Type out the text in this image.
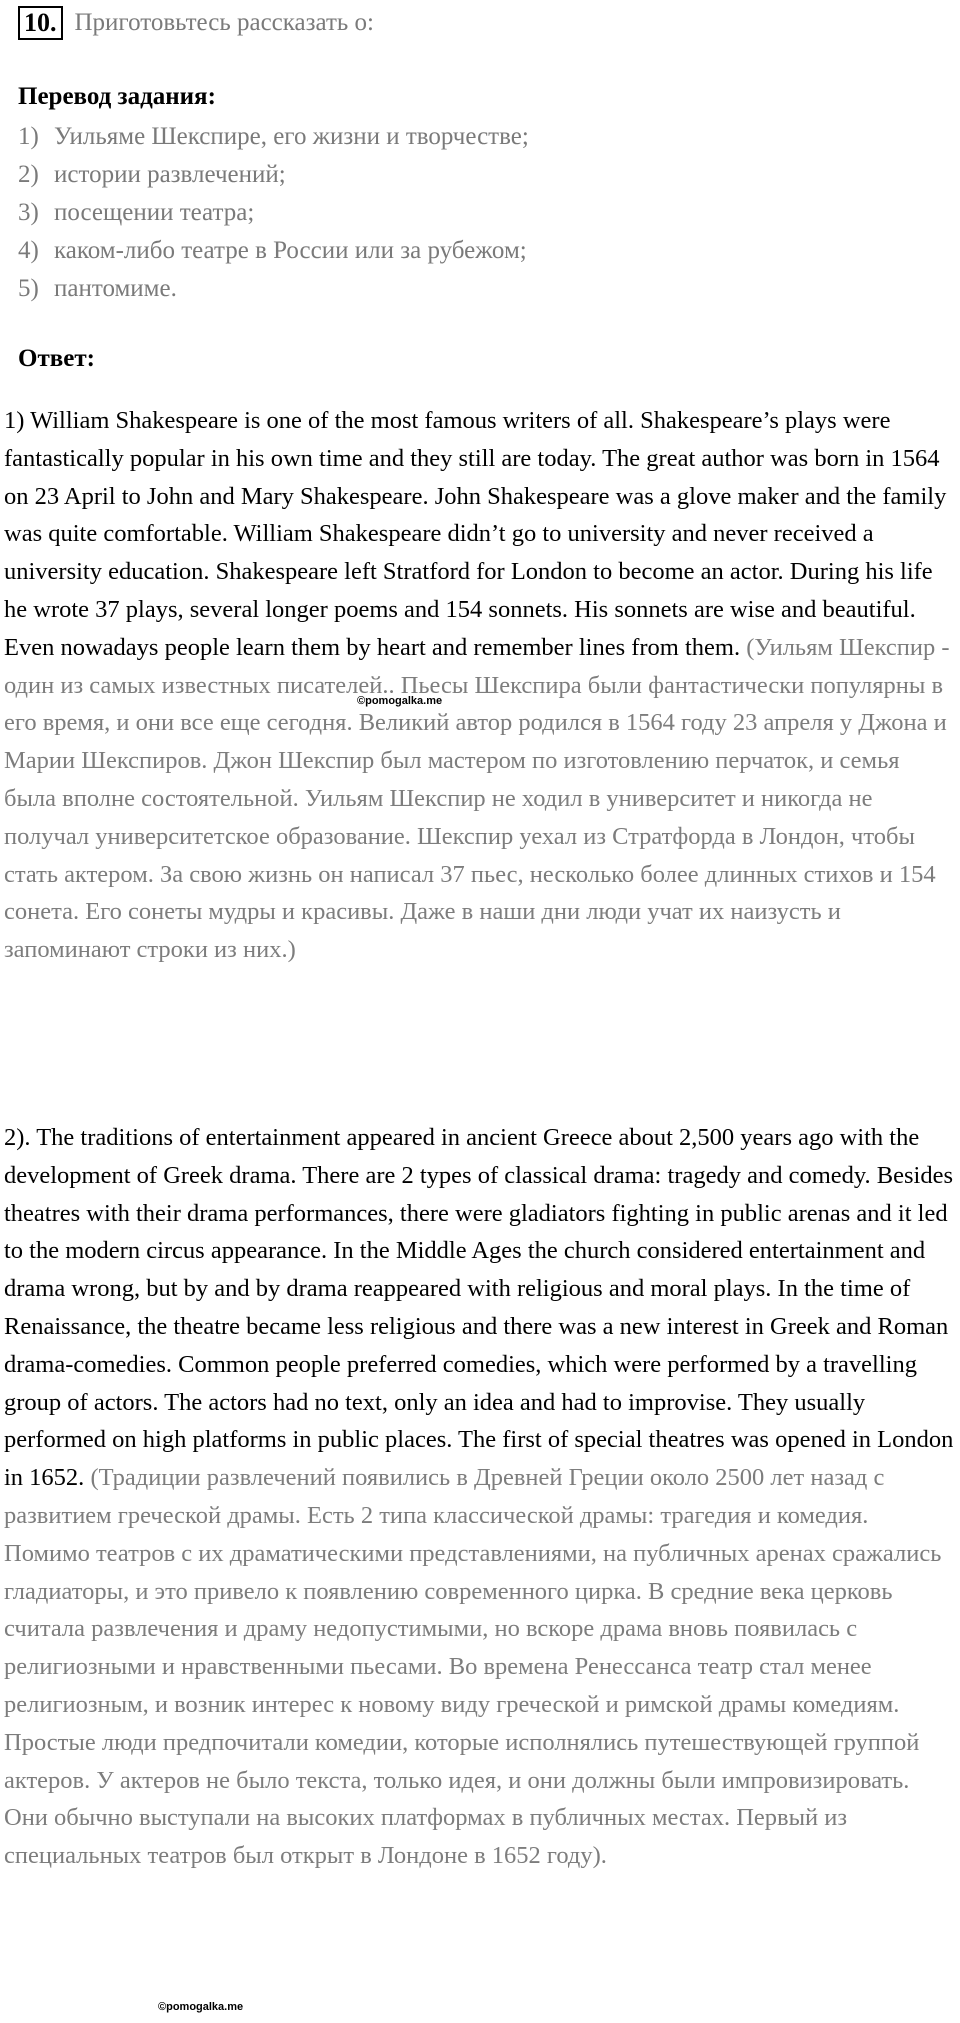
10. Приготовьтесь рассказать о:
Перевод задания:
1) Уильяме Шекспире, его жизни и творчестве;
2) истории развлечений;
3) посещении театра;
4) каком-либо театре в России или за рубежом;
5) пантомиме.
Ответ:

1) William Shakespeare is one of the most famous writers of all. Shakespeare’s plays were fantastically popular in his own time and they still are today. The great author was born in 1564 on 23 April to John and Mary Shakespeare. John Shakespeare was a glove maker and the family was quite comfortable. William Shakespeare didn’t go to university and never received a university education. Shakespeare left Stratford for London to become an actor. During his life he wrote 37 plays, several longer poems and 154 sonnets. His sonnets are wise and beautiful. Even nowadays people learn them by heart and remember lines from them. (Уильям Шекспир - один из самых известных писателей.. Пьесы Шекспира были фантастически популярны в его время, и они все еще сегодня. Великий автор родился в 1564 году 23 апреля у Джона и Марии Шекспиров. Джон Шекспир был мастером по изготовлению перчаток, и семья была вполне состоятельной. Уильям Шекспир не ходил в университет и никогда не получал университетское образование. Шекспир уехал из Стратфорда в Лондон, чтобы стать актером. За свою жизнь он написал 37 пьес, несколько более длинных стихов и 154 сонета. Его сонеты мудры и красивы. Даже в наши дни люди учат их наизусть и запоминают строки из них.)

2). The traditions of entertainment appeared in ancient Greece about 2,500 years ago with the development of Greek drama. There are 2 types of classical drama: tragedy and comedy. Besides theatres with their drama performances, there were gladiators fighting in public arenas and it led to the modern circus appearance. In the Middle Ages the church considered entertainment and drama wrong, but by and by drama reappeared with religious and moral plays. In the time of Renaissance, the theatre became less religious and there was a new interest in Greek and Roman drama-comedies. Common people preferred comedies, which were performed by a travelling group of actors. The actors had no text, only an idea and had to improvise. They usually performed on high platforms in public places. The first of special theatres was opened in London in 1652. (Традиции развлечений появились в Древней Греции около 2500 лет назад с развитием греческой драмы. Есть 2 типа классической драмы: трагедия и комедия.
Помимо театров с их драматическими представлениями, на публичных аренах сражались гладиаторы, и это привело к появлению современного цирка. В средние века церковь считала развлечения и драму недопустимыми, но вскоре драма вновь появилась с религиозными и нравственными пьесами. Во времена Ренессанса театр стал менее религиозным, и возник интерес к новому виду греческой и римской драмы комедиям. Простые люди предпочитали комедии, которые исполнялись путешествующей группой актеров. У актеров не было текста, только идея, и они должны были импровизировать. Они обычно выступали на высоких платформах в публичных местах. Первый из специальных театров был открыт в Лондоне в 1652 году).

©pomogalka.me
©pomogalka.me
